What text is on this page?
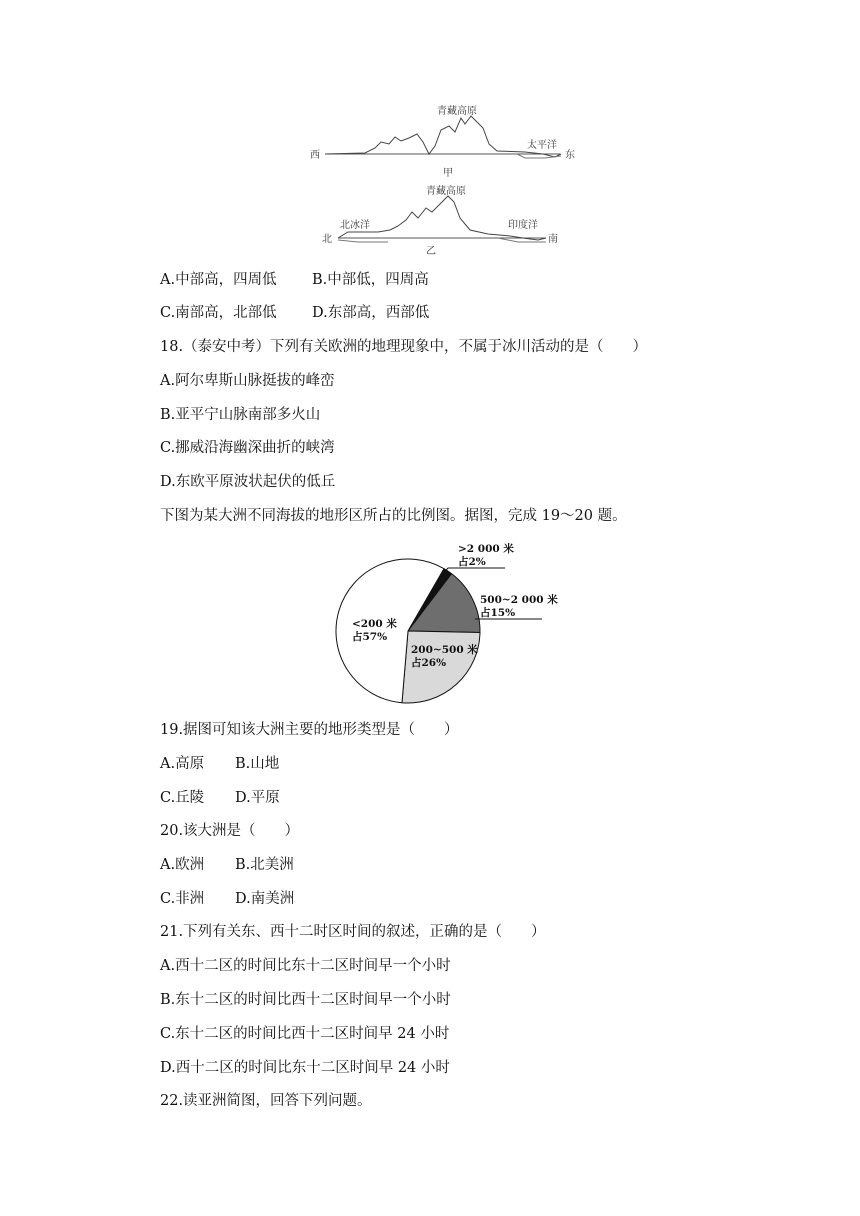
西	东
青藏高原
太平洋
甲
北	南
青藏高原
北冰洋	印度洋
乙
A.中部高，四周低	B.中部低，四周高
C.南部高，北部低	D.东部高，西部低
18.（泰安中考）下列有关欧洲的地理现象中，不属于冰川活动的是（　　）
A.阿尔卑斯山脉挺拔的峰峦
B.亚平宁山脉南部多火山
C.挪威沿海幽深曲折的峡湾
D.东欧平原波状起伏的低丘
下图为某大洲不同海拔的地形区所占的比例图。据图，完成 19～20 题。
>2 000 米
占2%
500~2 000 米
占15%
200~500 米
占26%
<200 米
占57%
19.据图可知该大洲主要的地形类型是（　　）
A.高原	B.山地
C.丘陵	D.平原
20.该大洲是（　　）
A.欧洲	B.北美洲
C.非洲	D.南美洲
21.下列有关东、西十二时区时间的叙述，正确的是（　　）
A.西十二区的时间比东十二区时间早一个小时
B.东十二区的时间比西十二区时间早一个小时
C.东十二区的时间比西十二区时间早 24 小时
D.西十二区的时间比东十二区时间早 24 小时
22.读亚洲简图，回答下列问题。
